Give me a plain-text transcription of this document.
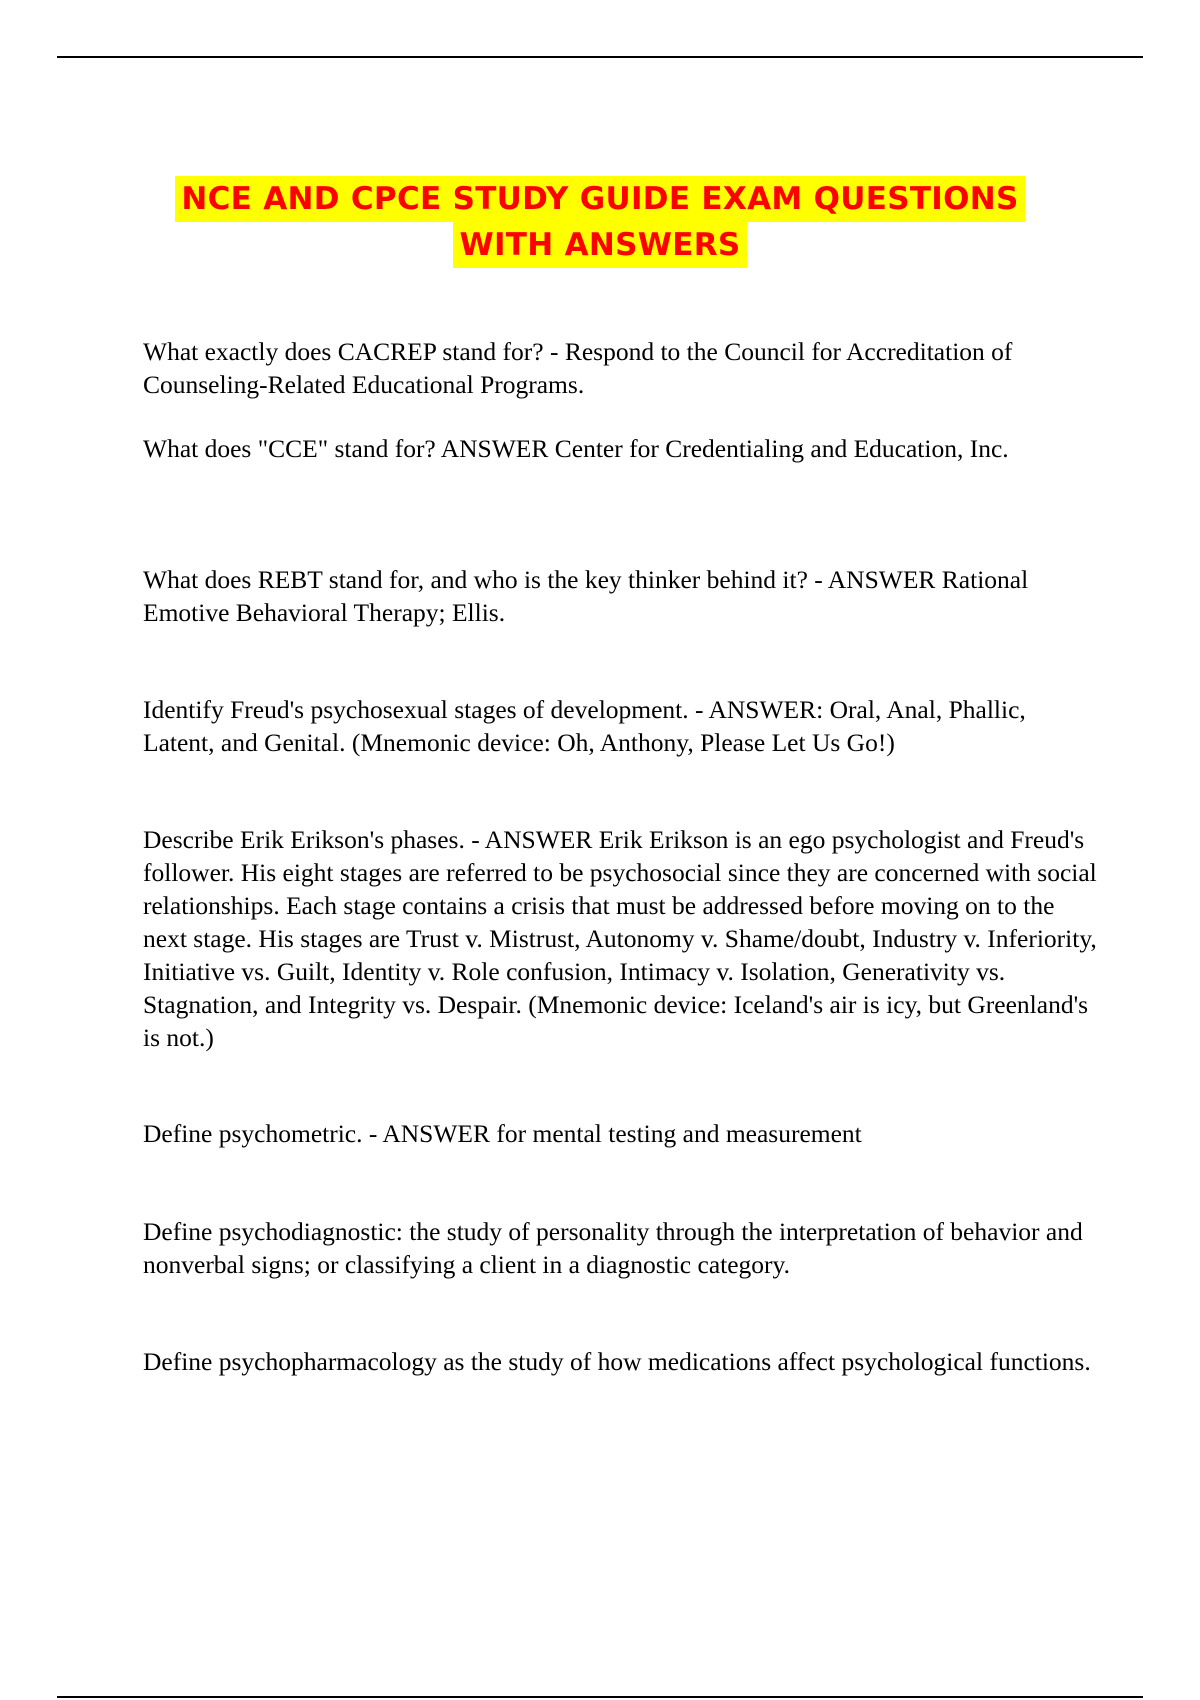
NCE AND CPCE STUDY GUIDE EXAM QUESTIONS
WITH ANSWERS

What exactly does CACREP stand for? - Respond to the Council for Accreditation of Counseling-Related Educational Programs.

What does "CCE" stand for? ANSWER Center for Credentialing and Education, Inc.

What does REBT stand for, and who is the key thinker behind it? - ANSWER Rational Emotive Behavioral Therapy; Ellis.

Identify Freud's psychosexual stages of development. - ANSWER: Oral, Anal, Phallic, Latent, and Genital. (Mnemonic device: Oh, Anthony, Please Let Us Go!)

Describe Erik Erikson's phases. - ANSWER Erik Erikson is an ego psychologist and Freud's follower. His eight stages are referred to be psychosocial since they are concerned with social relationships. Each stage contains a crisis that must be addressed before moving on to the next stage. His stages are Trust v. Mistrust, Autonomy v. Shame/doubt, Industry v. Inferiority, Initiative vs. Guilt, Identity v. Role confusion, Intimacy v. Isolation, Generativity vs. Stagnation, and Integrity vs. Despair. (Mnemonic device: Iceland's air is icy, but Greenland's is not.)

Define psychometric. - ANSWER for mental testing and measurement

Define psychodiagnostic: the study of personality through the interpretation of behavior and nonverbal signs; or classifying a client in a diagnostic category.

Define psychopharmacology as the study of how medications affect psychological functions.
